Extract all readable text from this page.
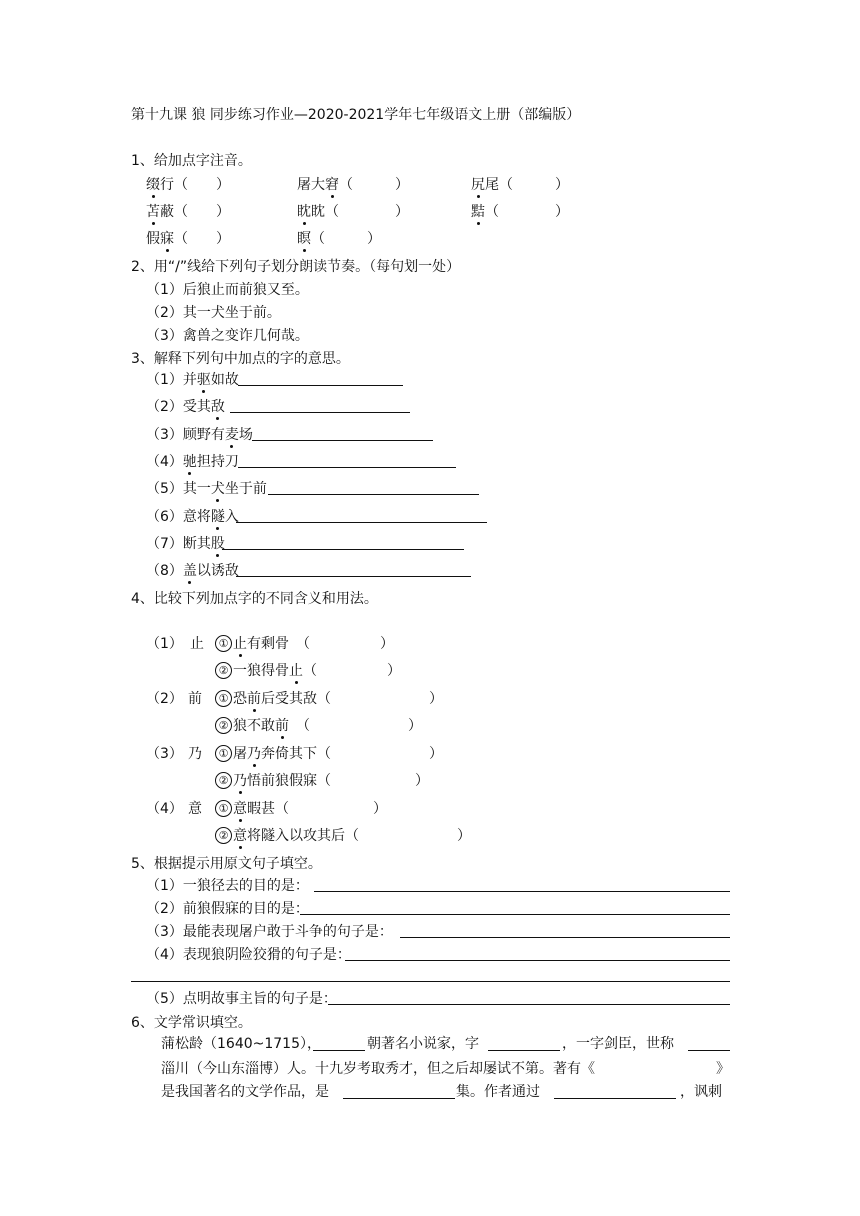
第十九课 狼 同步练习作业—2020-2021学年七年级语文上册（部编版）
1、给加点字注音。
缀行（　　）	屠大窘（　　　）	尻尾（　　　）
苫蔽（　　）	眈眈（　　　　）	黠（　　　　）
假寐（　　）	瞑（　　　）
2、用“/”线给下列句子划分朗读节奏。（每句划一处）
（1）后狼止而前狼又至。
（2）其一犬坐于前。
（3）禽兽之变诈几何哉。
3、解释下列句中加点的字的意思。
（1）并驱如故
（2）受其敌
（3）顾野有麦场
（4）驰担持刀
（5）其一犬坐于前
（6）意将隧入
（7）断其股
（8）盖以诱敌
4、比较下列加点字的不同含义和用法。
（1） 止	① 止有剩骨　（　　　　　）
② 一狼得骨止（　　　　　）
（2） 前	① 恐前后受其敌（　　　　　　　）
② 狼不敢前　（　　　　　　　）
（3） 乃	① 屠乃奔倚其下（　　　　　　　）
② 乃悟前狼假寐（　　　　　　）
（4） 意	① 意暇甚（　　　　　　）
② 意将隧入以攻其后（　　　　　　　）
5、根据提示用原文句子填空。
（1）一狼径去的目的是：
（2）前狼假寐的目的是：
（3）最能表现屠户敢于斗争的句子是：
（4）表现狼阴险狡猾的句子是：
（5）点明故事主旨的句子是：
6、文学常识填空。
蒲松龄（1640~1715），	朝著名小说家，字	，一字剑臣，世称
淄川（今山东淄博）人。十九岁考取秀才，但之后却屡试不第。著有《	》
是我国著名的文学作品，是	集。作者通过	，讽刺
